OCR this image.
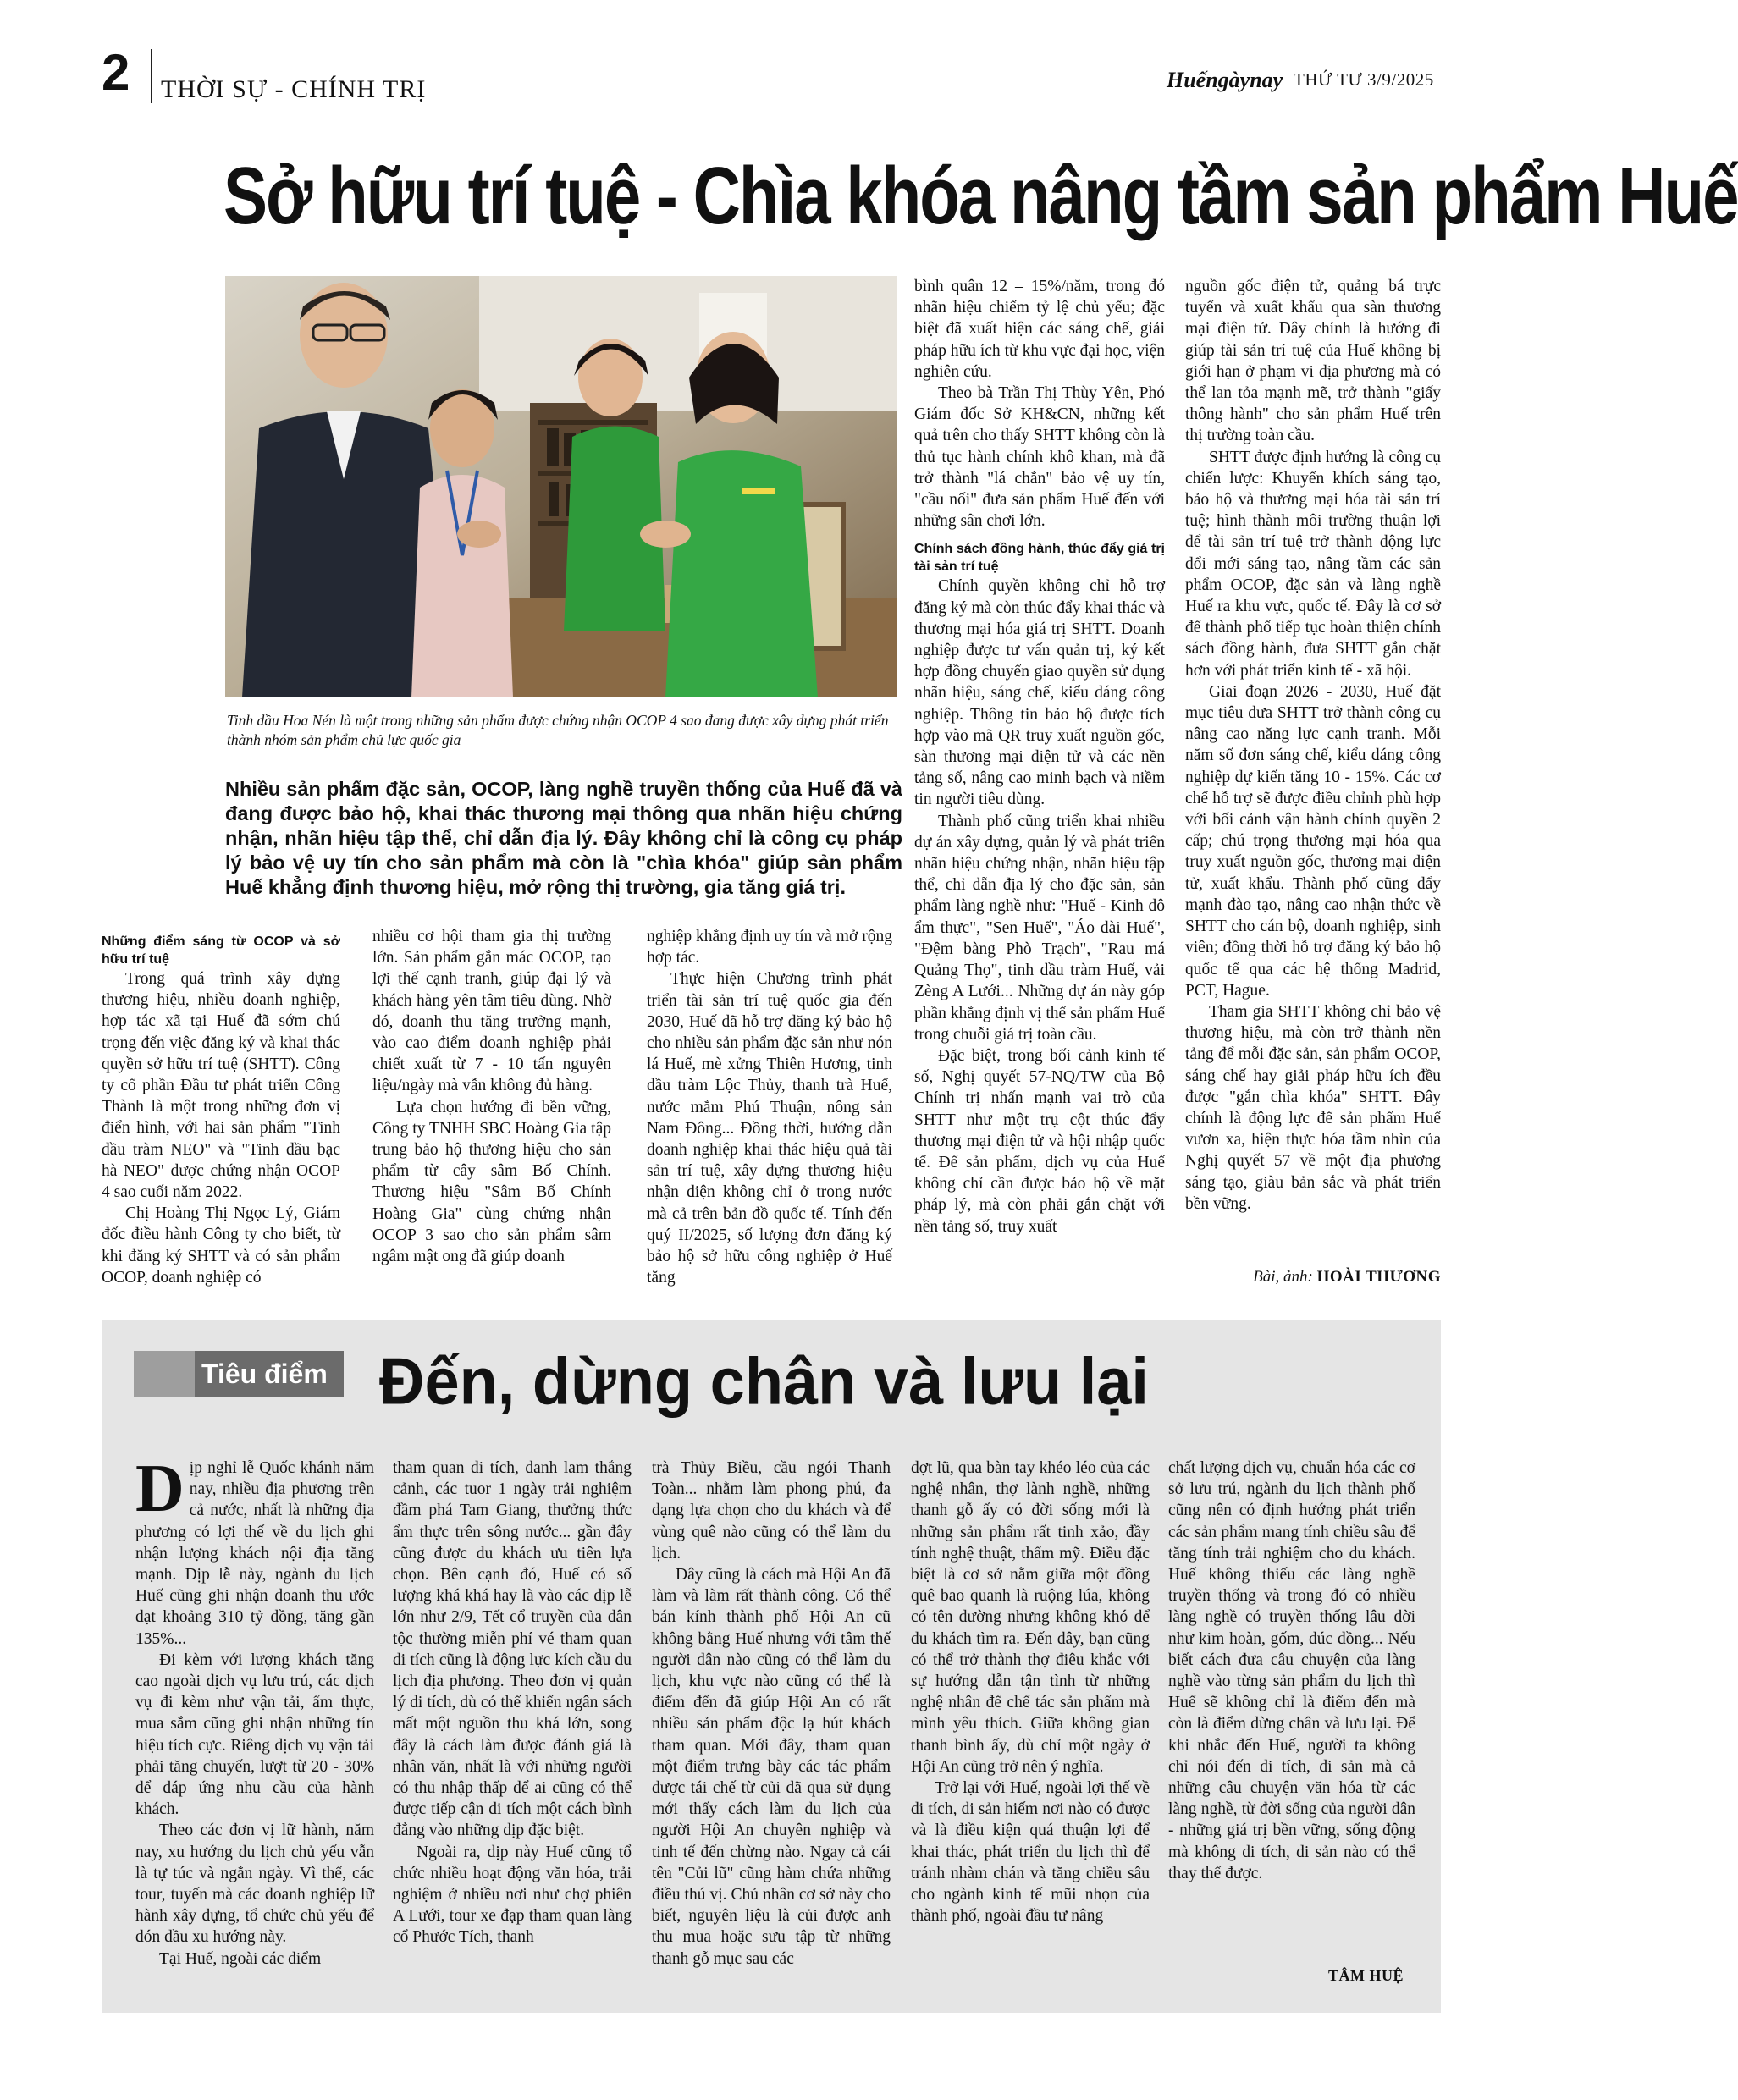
2 THỜI SỰ - CHÍNH TRỊ	Huếngàynay THỨ TƯ 3/9/2025
Sở hữu trí tuệ - Chìa khóa nâng tầm sản phẩm Huế
Tinh dầu Hoa Nén là một trong những sản phẩm được chứng nhận OCOP 4 sao đang được xây dựng phát triển thành nhóm sản phẩm chủ lực quốc gia
Nhiều sản phẩm đặc sản, OCOP, làng nghề truyền thống của Huế đã và đang được bảo hộ, khai thác thương mại thông qua nhãn hiệu chứng nhận, nhãn hiệu tập thể, chỉ dẫn địa lý. Đây không chỉ là công cụ pháp lý bảo vệ uy tín cho sản phẩm mà còn là "chìa khóa" giúp sản phẩm Huế khẳng định thương hiệu, mở rộng thị trường, gia tăng giá trị.
Những điểm sáng từ OCOP và sở hữu trí tuệ

Trong quá trình xây dựng thương hiệu, nhiều doanh nghiệp, hợp tác xã tại Huế đã sớm chú trọng đến việc đăng ký và khai thác quyền sở hữu trí tuệ (SHTT). Công ty cổ phần Đầu tư phát triển Công Thành là một trong những đơn vị điển hình, với hai sản phẩm "Tinh dầu tràm NEO" và "Tinh dầu bạc hà NEO" được chứng nhận OCOP 4 sao cuối năm 2022.

Chị Hoàng Thị Ngọc Lý, Giám đốc điều hành Công ty cho biết, từ khi đăng ký SHTT và có sản phẩm OCOP, doanh nghiệp có

nhiều cơ hội tham gia thị trường lớn. Sản phẩm gắn mác OCOP, tạo lợi thế cạnh tranh, giúp đại lý và khách hàng yên tâm tiêu dùng. Nhờ đó, doanh thu tăng trưởng mạnh, vào cao điểm doanh nghiệp phải chiết xuất từ 7 - 10 tấn nguyên liệu/ngày mà vẫn không đủ hàng.

Lựa chọn hướng đi bền vững, Công ty TNHH SBC Hoàng Gia tập trung bảo hộ thương hiệu cho sản phẩm từ cây sâm Bố Chính. Thương hiệu "Sâm Bố Chính Hoàng Gia" cùng chứng nhận OCOP 3 sao cho sản phẩm sâm ngâm mật ong đã giúp doanh

nghiệp khẳng định uy tín và mở rộng hợp tác.

Thực hiện Chương trình phát triển tài sản trí tuệ quốc gia đến 2030, Huế đã hỗ trợ đăng ký bảo hộ cho nhiều sản phẩm đặc sản như nón lá Huế, mè xửng Thiên Hương, tinh dầu tràm Lộc Thủy, thanh trà Huế, nước mắm Phú Thuận, nông sản Nam Đông... Đồng thời, hướng dẫn doanh nghiệp khai thác hiệu quả tài sản trí tuệ, xây dựng thương hiệu nhận diện không chỉ ở trong nước mà cả trên bản đồ quốc tế. Tính đến quý II/2025, số lượng đơn đăng ký bảo hộ sở hữu công nghiệp ở Huế tăng

bình quân 12 – 15%/năm, trong đó nhãn hiệu chiếm tỷ lệ chủ yếu; đặc biệt đã xuất hiện các sáng chế, giải pháp hữu ích từ khu vực đại học, viện nghiên cứu.

Theo bà Trần Thị Thùy Yên, Phó Giám đốc Sở KH&CN, những kết quả trên cho thấy SHTT không còn là thủ tục hành chính khô khan, mà đã trở thành "lá chắn" bảo vệ uy tín, "cầu nối" đưa sản phẩm Huế đến với những sân chơi lớn.

Chính sách đồng hành, thúc đẩy giá trị tài sản trí tuệ

Chính quyền không chỉ hỗ trợ đăng ký mà còn thúc đẩy khai thác và thương mại hóa giá trị SHTT. Doanh nghiệp được tư vấn quản trị, ký kết hợp đồng chuyển giao quyền sử dụng nhãn hiệu, sáng chế, kiểu dáng công nghiệp. Thông tin bảo hộ được tích hợp vào mã QR truy xuất nguồn gốc, sàn thương mại điện tử và các nền tảng số, nâng cao minh bạch và niềm tin người tiêu dùng.

Thành phố cũng triển khai nhiều dự án xây dựng, quản lý và phát triển nhãn hiệu chứng nhận, nhãn hiệu tập thể, chỉ dẫn địa lý cho đặc sản, sản phẩm làng nghề như: "Huế - Kinh đô ẩm thực", "Sen Huế", "Áo dài Huế", "Đệm bàng Phò Trạch", "Rau má Quảng Thọ", tinh dầu tràm Huế, vải Zèng A Lưới... Những dự án này góp phần khẳng định vị thế sản phẩm Huế trong chuỗi giá trị toàn cầu.

Đặc biệt, trong bối cảnh kinh tế số, Nghị quyết 57-NQ/TW của Bộ Chính trị nhấn mạnh vai trò của SHTT như một trụ cột thúc đẩy thương mại điện tử và hội nhập quốc tế. Để sản phẩm, dịch vụ của Huế không chỉ cần được bảo hộ về mặt pháp lý, mà còn phải gắn chặt với nền tảng số, truy xuất

nguồn gốc điện tử, quảng bá trực tuyến và xuất khẩu qua sàn thương mại điện tử. Đây chính là hướng đi giúp tài sản trí tuệ của Huế không bị giới hạn ở phạm vi địa phương mà có thể lan tỏa mạnh mẽ, trở thành "giấy thông hành" cho sản phẩm Huế trên thị trường toàn cầu.

SHTT được định hướng là công cụ chiến lược: Khuyến khích sáng tạo, bảo hộ và thương mại hóa tài sản trí tuệ; hình thành môi trường thuận lợi để tài sản trí tuệ trở thành động lực đổi mới sáng tạo, nâng tầm các sản phẩm OCOP, đặc sản và làng nghề Huế ra khu vực, quốc tế. Đây là cơ sở để thành phố tiếp tục hoàn thiện chính sách đồng hành, đưa SHTT gắn chặt hơn với phát triển kinh tế - xã hội.

Giai đoạn 2026 - 2030, Huế đặt mục tiêu đưa SHTT trở thành công cụ nâng cao năng lực cạnh tranh. Mỗi năm số đơn sáng chế, kiểu dáng công nghiệp dự kiến tăng 10 - 15%. Các cơ chế hỗ trợ sẽ được điều chỉnh phù hợp với bối cảnh vận hành chính quyền 2 cấp; chú trọng thương mại hóa qua truy xuất nguồn gốc, thương mại điện tử, xuất khẩu. Thành phố cũng đẩy mạnh đào tạo, nâng cao nhận thức về SHTT cho cán bộ, doanh nghiệp, sinh viên; đồng thời hỗ trợ đăng ký bảo hộ quốc tế qua các hệ thống Madrid, PCT, Hague.

Tham gia SHTT không chỉ bảo vệ thương hiệu, mà còn trở thành nền tảng để mỗi đặc sản, sản phẩm OCOP, sáng chế hay giải pháp hữu ích đều được "gắn chìa khóa" SHTT. Đây chính là động lực để sản phẩm Huế vươn xa, hiện thực hóa tầm nhìn của Nghị quyết 57 về một địa phương sáng tạo, giàu bản sắc và phát triển bền vững.

Bài, ảnh: HOÀI THƯƠNG
Tiêu điểm Đến, dừng chân và lưu lại

Dịp nghỉ lễ Quốc khánh năm nay, nhiều địa phương trên cả nước, nhất là những địa phương có lợi thế về du lịch ghi nhận lượng khách nội địa tăng mạnh. Dịp lễ này, ngành du lịch Huế cũng ghi nhận doanh thu ước đạt khoảng 310 tỷ đồng, tăng gần 135%...

Đi kèm với lượng khách tăng cao ngoài dịch vụ lưu trú, các dịch vụ đi kèm như vận tải, ẩm thực, mua sắm cũng ghi nhận những tín hiệu tích cực. Riêng dịch vụ vận tải phải tăng chuyến, lượt từ 20 - 30% để đáp ứng nhu cầu của hành khách.

Theo các đơn vị lữ hành, năm nay, xu hướng du lịch chủ yếu vẫn là tự túc và ngắn ngày. Vì thế, các tour, tuyến mà các doanh nghiệp lữ hành xây dựng, tổ chức chủ yếu để đón đầu xu hướng này.

Tại Huế, ngoài các điểm

tham quan di tích, danh lam thắng cảnh, các tuor 1 ngày trải nghiệm đầm phá Tam Giang, thưởng thức ẩm thực trên sông nước... gần đây cũng được du khách ưu tiên lựa chọn. Bên cạnh đó, Huế có số lượng khá khá hay là vào các dịp lễ lớn như 2/9, Tết cổ truyền của dân tộc thường miễn phí vé tham quan di tích cũng là động lực kích cầu du lịch địa phương. Theo đơn vị quản lý di tích, dù có thể khiến ngân sách mất một nguồn thu khá lớn, song đây là cách làm được đánh giá là nhân văn, nhất là với những người có thu nhập thấp để ai cũng có thể được tiếp cận di tích một cách bình đẳng vào những dịp đặc biệt.

Ngoài ra, dịp này Huế cũng tổ chức nhiều hoạt động văn hóa, trải nghiệm ở nhiều nơi như chợ phiên A Lưới, tour xe đạp tham quan làng cổ Phước Tích, thanh

trà Thủy Biều, cầu ngói Thanh Toàn... nhằm làm phong phú, đa dạng lựa chọn cho du khách và để vùng quê nào cũng có thể làm du lịch.

Đây cũng là cách mà Hội An đã làm và làm rất thành công. Có thể bán kính thành phố Hội An cũ không bằng Huế nhưng với tâm thế người dân nào cũng có thể làm du lịch, khu vực nào cũng có thể là điểm đến đã giúp Hội An có rất nhiều sản phẩm độc lạ hút khách tham quan. Mới đây, tham quan một điểm trưng bày các tác phẩm được tái chế từ củi đã qua sử dụng mới thấy cách làm du lịch của người Hội An chuyên nghiệp và tinh tế đến chừng nào. Ngay cả cái tên "Củi lũ" cũng hàm chứa những điều thú vị. Chủ nhân cơ sở này cho biết, nguyên liệu là củi được anh thu mua hoặc sưu tập từ những thanh gỗ mục sau các

đợt lũ, qua bàn tay khéo léo của các nghệ nhân, thợ lành nghề, những thanh gỗ ấy có đời sống mới là những sản phẩm rất tinh xảo, đầy tính nghệ thuật, thẩm mỹ. Điều đặc biệt là cơ sở nằm giữa một đồng quê bao quanh là ruộng lúa, không có tên đường nhưng không khó để du khách tìm ra. Đến đây, bạn cũng có thể trở thành thợ điêu khắc với sự hướng dẫn tận tình từ những nghệ nhân để chế tác sản phẩm mà mình yêu thích. Giữa không gian thanh bình ấy, dù chỉ một ngày ở Hội An cũng trở nên ý nghĩa.

Trở lại với Huế, ngoài lợi thế về di tích, di sản hiếm nơi nào có được và là điều kiện quá thuận lợi để khai thác, phát triển du lịch thì để tránh nhàm chán và tăng chiều sâu cho ngành kinh tế mũi nhọn của thành phố, ngoài đầu tư nâng

chất lượng dịch vụ, chuẩn hóa các cơ sở lưu trú, ngành du lịch thành phố cũng nên có định hướng phát triển các sản phẩm mang tính chiều sâu để tăng tính trải nghiệm cho du khách. Huế không thiếu các làng nghề truyền thống và trong đó có nhiều làng nghề có truyền thống lâu đời như kim hoàn, gốm, đúc đồng... Nếu biết cách đưa câu chuyện của làng nghề vào từng sản phẩm du lịch thì Huế sẽ không chỉ là điểm đến mà còn là điểm dừng chân và lưu lại. Để khi nhắc đến Huế, người ta không chỉ nói đến di tích, di sản mà cả những câu chuyện văn hóa từ các làng nghề, từ đời sống của người dân - những giá trị bền vững, sống động mà không di tích, di sản nào có thể thay thế được.

TÂM HUỆ
